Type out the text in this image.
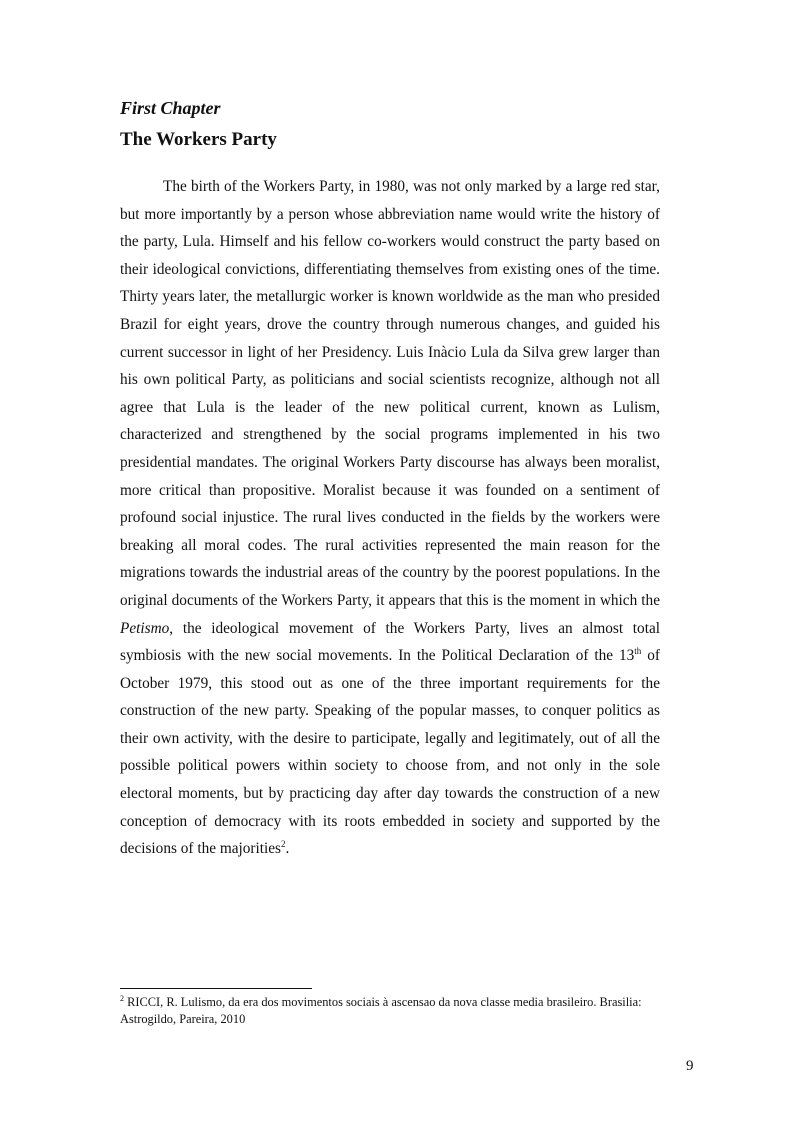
First Chapter
The Workers Party

The birth of the Workers Party, in 1980, was not only marked by a large red star, but more importantly by a person whose abbreviation name would write the history of the party, Lula. Himself and his fellow co-workers would construct the party based on their ideological convictions, differentiating themselves from existing ones of the time. Thirty years later, the metallurgic worker is known worldwide as the man who presided Brazil for eight years, drove the country through numerous changes, and guided his current successor in light of her Presidency. Luis Inàcio Lula da Silva grew larger than his own political Party, as politicians and social scientists recognize, although not all agree that Lula is the leader of the new political current, known as Lulism, characterized and strengthened by the social programs implemented in his two presidential mandates. The original Workers Party discourse has always been moralist, more critical than propositive. Moralist because it was founded on a sentiment of profound social injustice. The rural lives conducted in the fields by the workers were breaking all moral codes. The rural activities represented the main reason for the migrations towards the industrial areas of the country by the poorest populations. In the original documents of the Workers Party, it appears that this is the moment in which the Petismo, the ideological movement of the Workers Party, lives an almost total symbiosis with the new social movements. In the Political Declaration of the 13th of October 1979, this stood out as one of the three important requirements for the construction of the new party. Speaking of the popular masses, to conquer politics as their own activity, with the desire to participate, legally and legitimately, out of all the possible political powers within society to choose from, and not only in the sole electoral moments, but by practicing day after day towards the construction of a new conception of democracy with its roots embedded in society and supported by the decisions of the majorities$^2$.

$^2$ RICCI, R. Lulismo, da era dos movimentos sociais à ascensao da nova classe media brasileiro. Brasilia: Astrogildo, Pareira, 2010

9
